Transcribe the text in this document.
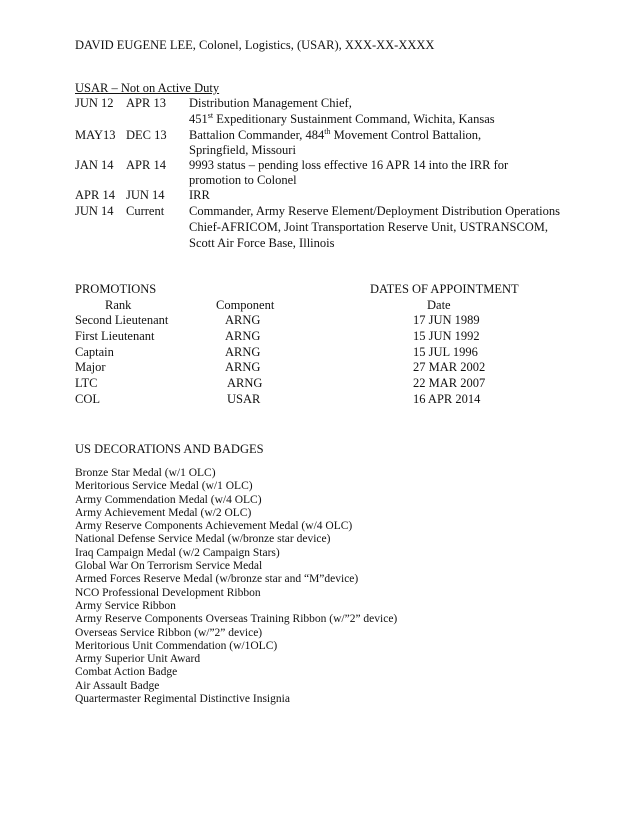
DAVID EUGENE LEE, Colonel, Logistics, (USAR), XXX-XX-XXXX
USAR – Not on Active Duty
JUN 12 APR 13 Distribution Management Chief,
451st Expeditionary Sustainment Command, Wichita, Kansas
MAY13 DEC 13 Battalion Commander, 484th Movement Control Battalion,
Springfield, Missouri
JAN 14 APR 14 9993 status – pending loss effective 16 APR 14 into the IRR for
promotion to Colonel
APR 14 JUN 14 IRR
JUN 14 Current Commander, Army Reserve Element/Deployment Distribution Operations
Chief-AFRICOM, Joint Transportation Reserve Unit, USTRANSCOM,
Scott Air Force Base, Illinois
PROMOTIONS	DATES OF APPOINTMENT
Rank	Component	Date
Second Lieutenant	ARNG	17 JUN 1989
First Lieutenant	ARNG	15 JUN 1992
Captain	ARNG	15 JUL 1996
Major	ARNG	27 MAR 2002
LTC	ARNG	22 MAR 2007
COL	USAR	16 APR 2014
US DECORATIONS AND BADGES
Bronze Star Medal (w/1 OLC)
Meritorious Service Medal (w/1 OLC)
Army Commendation Medal (w/4 OLC)
Army Achievement Medal (w/2 OLC)
Army Reserve Components Achievement Medal (w/4 OLC)
National Defense Service Medal (w/bronze star device)
Iraq Campaign Medal (w/2 Campaign Stars)
Global War On Terrorism Service Medal
Armed Forces Reserve Medal (w/bronze star and “M”device)
NCO Professional Development Ribbon
Army Service Ribbon
Army Reserve Components Overseas Training Ribbon (w/”2” device)
Overseas Service Ribbon (w/”2” device)
Meritorious Unit Commendation (w/1OLC)
Army Superior Unit Award
Combat Action Badge
Air Assault Badge
Quartermaster Regimental Distinctive Insignia
